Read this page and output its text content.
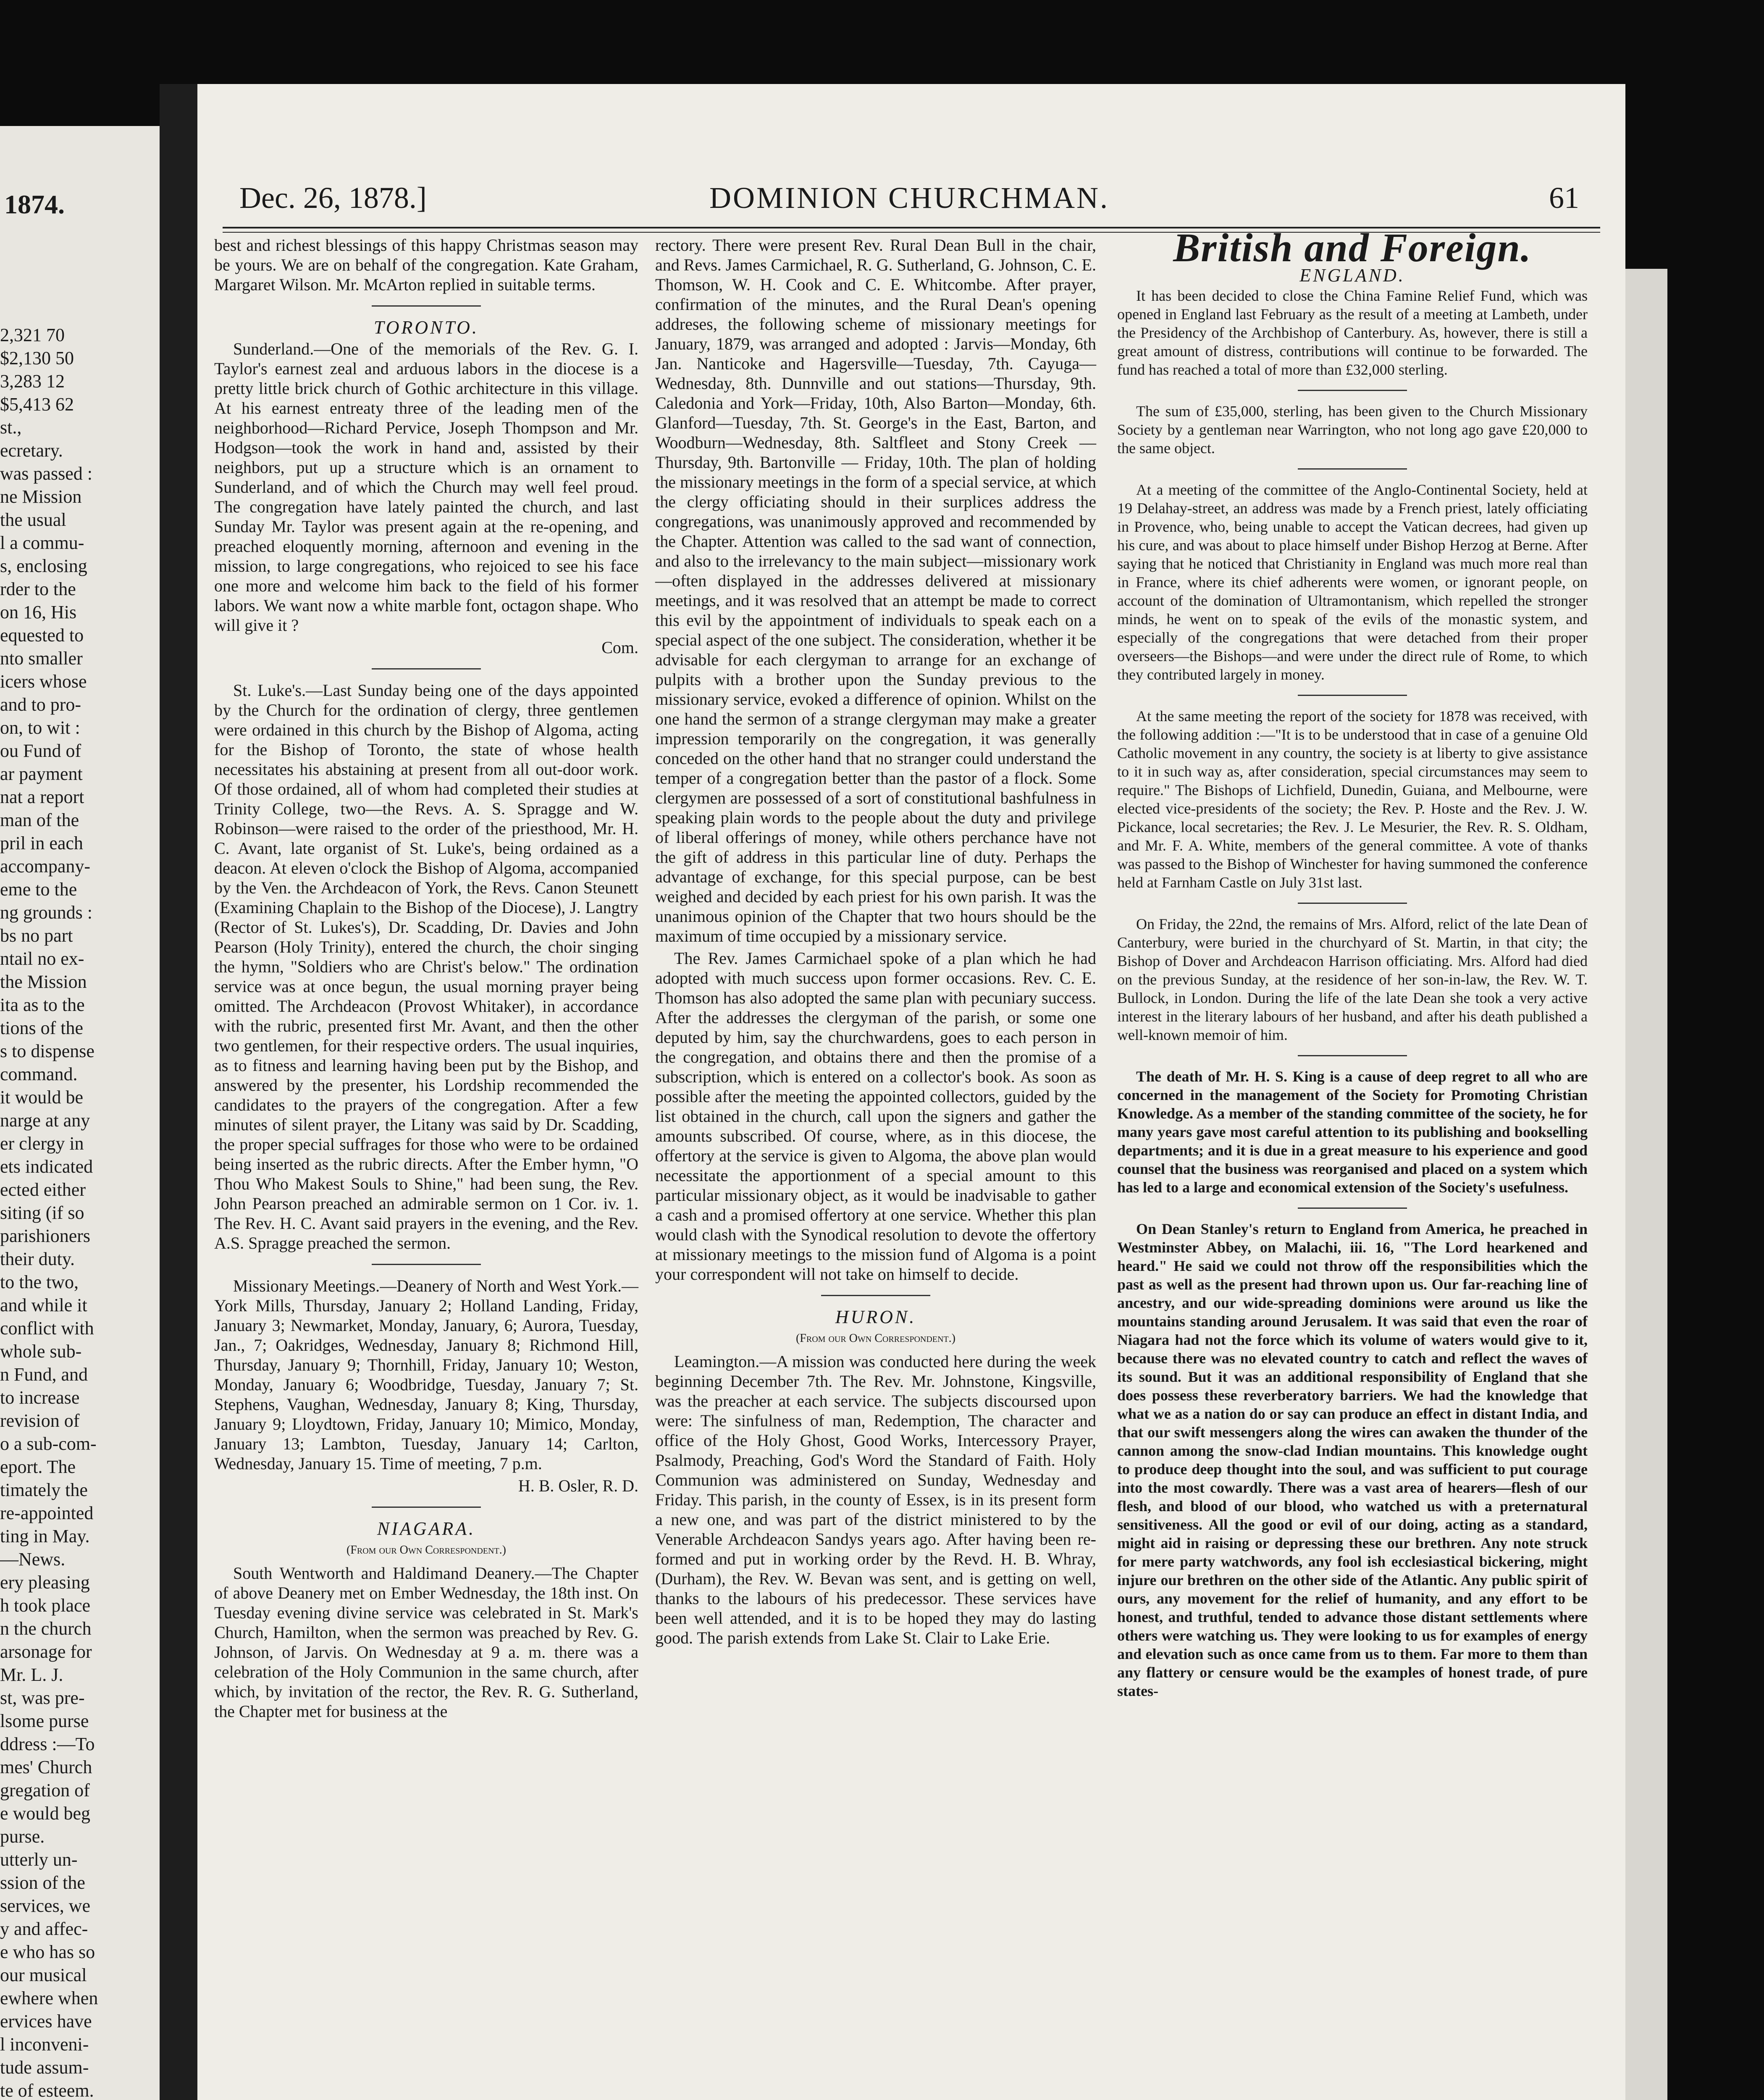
1874.
2,321 70
$2,130 50
3,283 12
$5,413 62
st.,
ecretary.
was passed :
ne Mission
the usual
l a commu-
s, enclosing
rder to the
on 16, His
equested to
nto smaller
icers whose
and to pro-
on, to wit :
ou Fund of
ar payment
nat a report
man of the
pril in each
accompany-
eme to the
ng grounds :
bs no part
ntail no ex-
the Mission
ita as to the
tions of the
s to dispense
command.
it would be
narge at any
er clergy in
ets indicated
ected either
siting (if so
parishioners
their duty.
to the two,
and while it
conflict with
whole sub-
n Fund, and
to increase
revision of
o a sub-com-
eport. The
timately the
re-appointed
ting in May.
—News.
ery pleasing
h took place
n the church
arsonage for
Mr. L. J.
st, was pre-
lsome purse
ddress :—To
mes' Church
gregation of
e would beg
purse.
utterly un-
ssion of the
services, we
y and affec-
e who has so
our musical
ewhere when
ervices have
l inconveni-
tude assum-
te of esteem.
Dec. 26, 1878.]	DOMINION CHURCHMAN.	61

best and richest blessings of this happy Christmas season may be yours. We are on behalf of the congregation. Kate Graham, Margaret Wilson. Mr. McArton replied in suitable terms.

TORONTO.

Sunderland.—One of the memorials of the Rev. G. I. Taylor's earnest zeal and arduous labors in the diocese is a pretty little brick church of Gothic architecture in this village. At his earnest entreaty three of the leading men of the neighborhood—Richard Pervice, Joseph Thompson and Mr. Hodgson—took the work in hand and, assisted by their neighbors, put up a structure which is an ornament to Sunderland, and of which the Church may well feel proud. The congregation have lately painted the church, and last Sunday Mr. Taylor was present again at the re-opening, and preached eloquently morning, afternoon and evening in the mission, to large congregations, who rejoiced to see his face one more and welcome him back to the field of his former labors. We want now a white marble font, octagon shape. Who will give it ?

Com.

St. Luke's.—Last Sunday being one of the days appointed by the Church for the ordination of clergy, three gentlemen were ordained in this church by the Bishop of Algoma, acting for the Bishop of Toronto, the state of whose health necessitates his abstaining at present from all out-door work. Of those ordained, all of whom had completed their studies at Trinity College, two—the Revs. A. S. Spragge and W. Robinson—were raised to the order of the priesthood, Mr. H. C. Avant, late organist of St. Luke's, being ordained as a deacon. At eleven o'clock the Bishop of Algoma, accompanied by the Ven. the Archdeacon of York, the Revs. Canon Steunett (Examining Chaplain to the Bishop of the Diocese), J. Langtry (Rector of St. Lukes's), Dr. Scadding, Dr. Davies and John Pearson (Holy Trinity), entered the church, the choir singing the hymn, "Soldiers who are Christ's below." The ordination service was at once begun, the usual morning prayer being omitted. The Archdeacon (Provost Whitaker), in accordance with the rubric, presented first Mr. Avant, and then the other two gentlemen, for their respective orders. The usual inquiries, as to fitness and learning having been put by the Bishop, and answered by the presenter, his Lordship recommended the candidates to the prayers of the congregation. After a few minutes of silent prayer, the Litany was said by Dr. Scadding, the proper special suffrages for those who were to be ordained being inserted as the rubric directs. After the Ember hymn, "O Thou Who Makest Souls to Shine," had been sung, the Rev. John Pearson preached an admirable sermon on 1 Cor. iv. 1. The Rev. H. C. Avant said prayers in the evening, and the Rev. A.S. Spragge preached the sermon.

Missionary Meetings.—Deanery of North and West York.—York Mills, Thursday, January 2; Holland Landing, Friday, January 3; Newmarket, Monday, January, 6; Aurora, Tuesday, Jan., 7; Oakridges, Wednesday, January 8; Richmond Hill, Thursday, January 9; Thornhill, Friday, January 10; Weston, Monday, January 6; Woodbridge, Tuesday, January 7; St. Stephens, Vaughan, Wednesday, January 8; King, Thursday, January 9; Lloydtown, Friday, January 10; Mimico, Monday, January 13; Lambton, Tuesday, January 14; Carlton, Wednesday, January 15. Time of meeting, 7 p.m.

H. B. Osler, R. D.
NIAGARA.
(From our Own Correspondent.)

South Wentworth and Haldimand Deanery.—The Chapter of above Deanery met on Ember Wednesday, the 18th inst. On Tuesday evening divine service was celebrated in St. Mark's Church, Hamilton, when the sermon was preached by Rev. G. Johnson, of Jarvis. On Wednesday at 9 a. m. there was a celebration of the Holy Communion in the same church, after which, by invitation of the rector, the Rev. R. G. Sutherland, the Chapter met for business at the

rectory. There were present Rev. Rural Dean Bull in the chair, and Revs. James Carmichael, R. G. Sutherland, G. Johnson, C. E. Thomson, W. H. Cook and C. E. Whitcombe. After prayer, confirmation of the minutes, and the Rural Dean's opening addreses, the following scheme of missionary meetings for January, 1879, was arranged and adopted : Jarvis—Monday, 6th Jan. Nanticoke and Hagersville—Tuesday, 7th. Cayuga—Wednesday, 8th. Dunnville and out stations—Thursday, 9th. Caledonia and York—Friday, 10th, Also Barton—Monday, 6th. Glanford—Tuesday, 7th. St. George's in the East, Barton, and Woodburn—Wednesday, 8th. Saltfleet and Stony Creek — Thursday, 9th. Bartonville — Friday, 10th. The plan of holding the missionary meetings in the form of a special service, at which the clergy officiating should in their surplices address the congregations, was unanimously approved and recommended by the Chapter. Attention was called to the sad want of connection, and also to the irrelevancy to the main subject—missionary work—often displayed in the addresses delivered at missionary meetings, and it was resolved that an attempt be made to correct this evil by the appointment of individuals to speak each on a special aspect of the one subject. The consideration, whether it be advisable for each clergyman to arrange for an exchange of pulpits with a brother upon the Sunday previous to the missionary service, evoked a difference of opinion. Whilst on the one hand the sermon of a strange clergyman may make a greater impression temporarily on the congregation, it was generally conceded on the other hand that no stranger could understand the temper of a congregation better than the pastor of a flock. Some clergymen are possessed of a sort of constitutional bashfulness in speaking plain words to the people about the duty and privilege of liberal offerings of money, while others perchance have not the gift of address in this particular line of duty. Perhaps the advantage of exchange, for this special purpose, can be best weighed and decided by each priest for his own parish. It was the unanimous opinion of the Chapter that two hours should be the maximum of time occupied by a missionary service.

The Rev. James Carmichael spoke of a plan which he had adopted with much success upon former occasions. Rev. C. E. Thomson has also adopted the same plan with pecuniary success. After the addresses the clergyman of the parish, or some one deputed by him, say the churchwardens, goes to each person in the congregation, and obtains there and then the promise of a subscription, which is entered on a collector's book. As soon as possible after the meeting the appointed collectors, guided by the list obtained in the church, call upon the signers and gather the amounts subscribed. Of course, where, as in this diocese, the offertory at the service is given to Algoma, the above plan would necessitate the apportionment of a special amount to this particular missionary object, as it would be inadvisable to gather a cash and a promised offertory at one service. Whether this plan would clash with the Synodical resolution to devote the offertory at missionary meetings to the mission fund of Algoma is a point your correspondent will not take on himself to decide.

HURON.
(From our Own Correspondent.)

Leamington.—A mission was conducted here during the week beginning December 7th. The Rev. Mr. Johnstone, Kingsville, was the preacher at each service. The subjects discoursed upon were: The sinfulness of man, Redemption, The character and office of the Holy Ghost, Good Works, Intercessory Prayer, Psalmody, Preaching, God's Word the Standard of Faith. Holy Communion was administered on Sunday, Wednesday and Friday. This parish, in the county of Essex, is in its present form a new one, and was part of the district ministered to by the Venerable Archdeacon Sandys years ago. After having been re-formed and put in working order by the Revd. H. B. Whray, (Durham), the Rev. W. Bevan was sent, and is getting on well, thanks to the labours of his predecessor. These services have been well attended, and it is to be hoped they may do lasting good. The parish extends from Lake St. Clair to Lake Erie.

British and Foreign.
ENGLAND.

It has been decided to close the China Famine Relief Fund, which was opened in England last February as the result of a meeting at Lambeth, under the Presidency of the Archbishop of Canterbury. As, however, there is still a great amount of distress, contributions will continue to be forwarded. The fund has reached a total of more than £32,000 sterling.

The sum of £35,000, sterling, has been given to the Church Missionary Society by a gentleman near Warrington, who not long ago gave £20,000 to the same object.

At a meeting of the committee of the Anglo-Continental Society, held at 19 Delahay-street, an address was made by a French priest, lately officiating in Provence, who, being unable to accept the Vatican decrees, had given up his cure, and was about to place himself under Bishop Herzog at Berne. After saying that he noticed that Christianity in England was much more real than in France, where its chief adherents were women, or ignorant people, on account of the domination of Ultramontanism, which repelled the stronger minds, he went on to speak of the evils of the monastic system, and especially of the congregations that were detached from their proper overseers—the Bishops—and were under the direct rule of Rome, to which they contributed largely in money.

At the same meeting the report of the society for 1878 was received, with the following addition :—"It is to be understood that in case of a genuine Old Catholic movement in any country, the society is at liberty to give assistance to it in such way as, after consideration, special circumstances may seem to require." The Bishops of Lichfield, Dunedin, Guiana, and Melbourne, were elected vice-presidents of the society; the Rev. P. Hoste and the Rev. J. W. Pickance, local secretaries; the Rev. J. Le Mesurier, the Rev. R. S. Oldham, and Mr. F. A. White, members of the general committee. A vote of thanks was passed to the Bishop of Winchester for having summoned the conference held at Farnham Castle on July 31st last.

On Friday, the 22nd, the remains of Mrs. Alford, relict of the late Dean of Canterbury, were buried in the churchyard of St. Martin, in that city; the Bishop of Dover and Archdeacon Harrison officiating. Mrs. Alford had died on the previous Sunday, at the residence of her son-in-law, the Rev. W. T. Bullock, in London. During the life of the late Dean she took a very active interest in the literary labours of her husband, and after his death published a well-known memoir of him.

The death of Mr. H. S. King is a cause of deep regret to all who are concerned in the management of the Society for Promoting Christian Knowledge. As a member of the standing committee of the society, he for many years gave most careful attention to its publishing and bookselling departments; and it is due in a great measure to his experience and good counsel that the business was reorganised and placed on a system which has led to a large and economical extension of the Society's usefulness.

On Dean Stanley's return to England from America, he preached in Westminster Abbey, on Malachi, iii. 16, "The Lord hearkened and heard." He said we could not throw off the responsibilities which the past as well as the present had thrown upon us. Our far-reaching line of ancestry, and our wide-spreading dominions were around us like the mountains standing around Jerusalem. It was said that even the roar of Niagara had not the force which its volume of waters would give to it, because there was no elevated country to catch and reflect the waves of its sound. But it was an additional responsibility of England that she does possess these reverberatory barriers. We had the knowledge that what we as a nation do or say can produce an effect in distant India, and that our swift messengers along the wires can awaken the thunder of the cannon among the snow-clad Indian mountains. This knowledge ought to produce deep thought into the soul, and was sufficient to put courage into the most cowardly. There was a vast area of hearers—flesh of our flesh, and blood of our blood, who watched us with a preternatural sensitiveness. All the good or evil of our doing, acting as a standard, might aid in raising or depressing these our brethren. Any note struck for mere party watchwords, any fool ish ecclesiastical bickering, might injure our brethren on the other side of the Atlantic. Any public spirit of ours, any movement for the relief of humanity, and any effort to be honest, and truthful, tended to advance those distant settlements where others were watching us. They were looking to us for examples of energy and elevation such as once came from us to them. Far more to them than any flattery or censure would be the examples of honest trade, of pure states-
